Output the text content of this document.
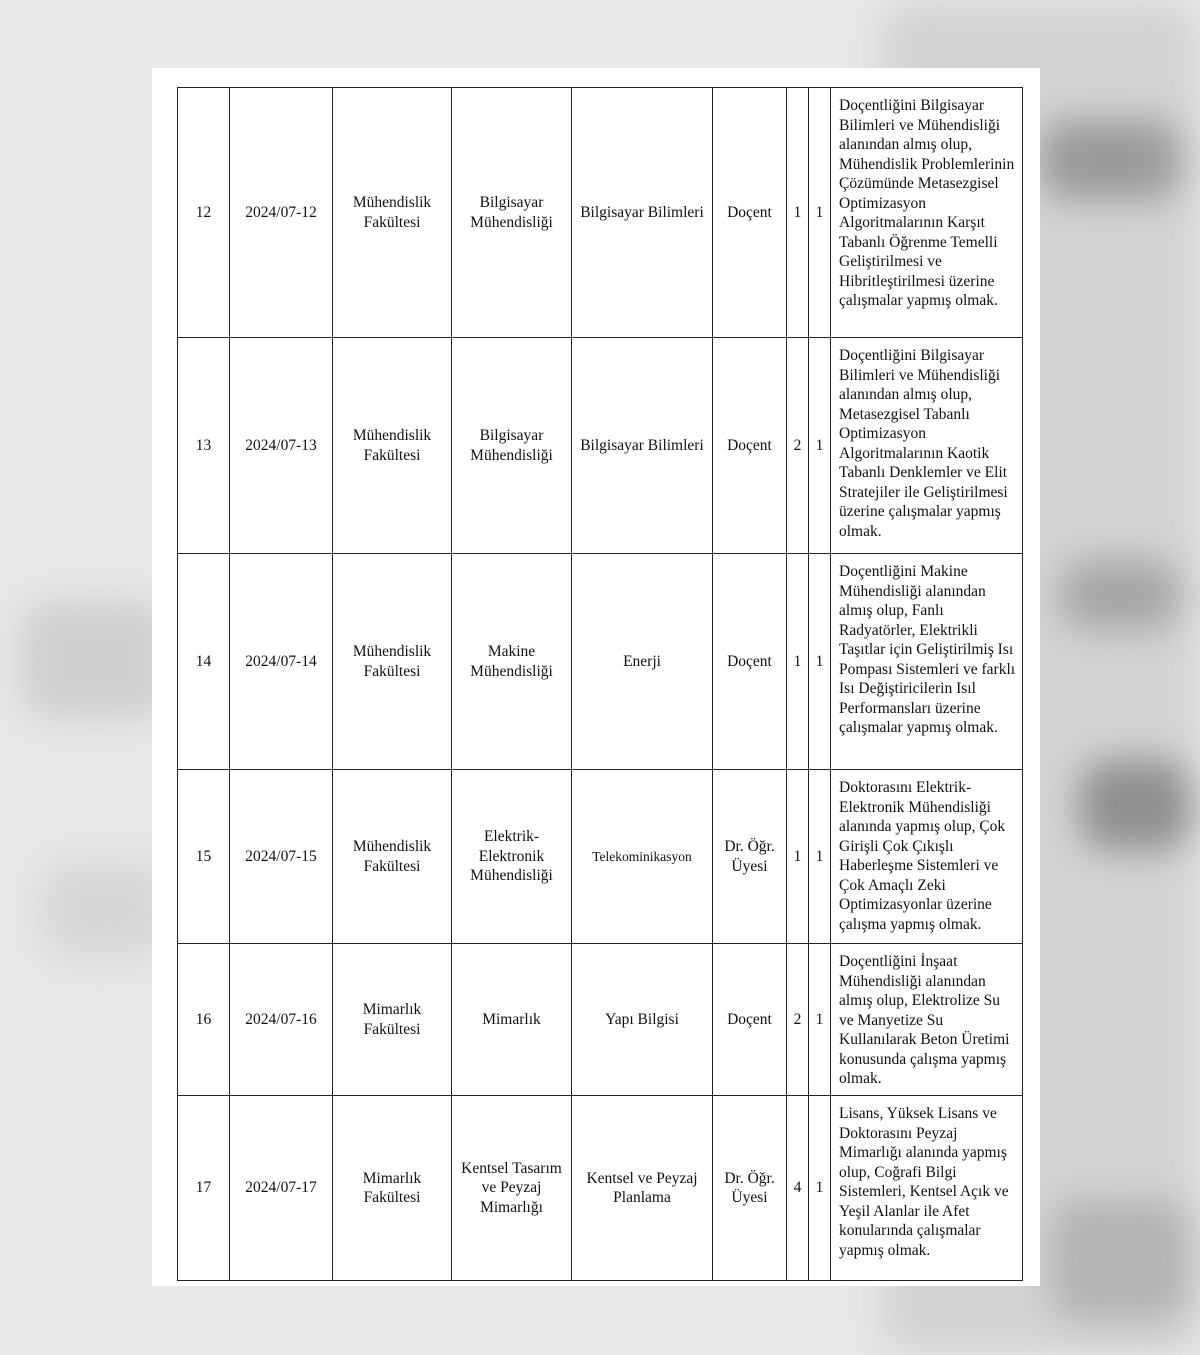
12	2024/07-12	Mühendislik Fakültesi	Bilgisayar Mühendisliği	Bilgisayar Bilimleri	Doçent	1	1	Doçentliğini Bilgisayar Bilimleri ve Mühendisliği alanından almış olup, Mühendislik Problemlerinin Çözümünde Metasezgisel Optimizasyon Algoritmalarının Karşıt Tabanlı Öğrenme Temelli Geliştirilmesi ve Hibritleştirilmesi üzerine çalışmalar yapmış olmak.
13	2024/07-13	Mühendislik Fakültesi	Bilgisayar Mühendisliği	Bilgisayar Bilimleri	Doçent	2	1	Doçentliğini Bilgisayar Bilimleri ve Mühendisliği alanından almış olup, Metasezgisel Tabanlı Optimizasyon Algoritmalarının Kaotik Tabanlı Denklemler ve Elit Stratejiler ile Geliştirilmesi üzerine çalışmalar yapmış olmak.
14	2024/07-14	Mühendislik Fakültesi	Makine Mühendisliği	Enerji	Doçent	1	1	Doçentliğini Makine Mühendisliği alanından almış olup, Fanlı Radyatörler, Elektrikli Taşıtlar için Geliştirilmiş Isı Pompası Sistemleri ve farklı Isı Değiştiricilerin Isıl Performansları üzerine çalışmalar yapmış olmak.
15	2024/07-15	Mühendislik Fakültesi	Elektrik-Elektronik Mühendisliği	Telekominikasyon	Dr. Öğr. Üyesi	1	1	Doktorasını Elektrik-Elektronik Mühendisliği alanında yapmış olup, Çok Girişli Çok Çıkışlı Haberleşme Sistemleri ve Çok Amaçlı Zeki Optimizasyonlar üzerine çalışma yapmış olmak.
16	2024/07-16	Mimarlık Fakültesi	Mimarlık	Yapı Bilgisi	Doçent	2	1	Doçentliğini İnşaat Mühendisliği alanından almış olup, Elektrolize Su ve Manyetize Su Kullanılarak Beton Üretimi konusunda çalışma yapmış olmak.
17	2024/07-17	Mimarlık Fakültesi	Kentsel Tasarım ve Peyzaj Mimarlığı	Kentsel ve Peyzaj Planlama	Dr. Öğr. Üyesi	4	1	Lisans, Yüksek Lisans ve Doktorasını Peyzaj Mimarlığı alanında yapmış olup, Coğrafi Bilgi Sistemleri, Kentsel Açık ve Yeşil Alanlar ile Afet konularında çalışmalar yapmış olmak.
